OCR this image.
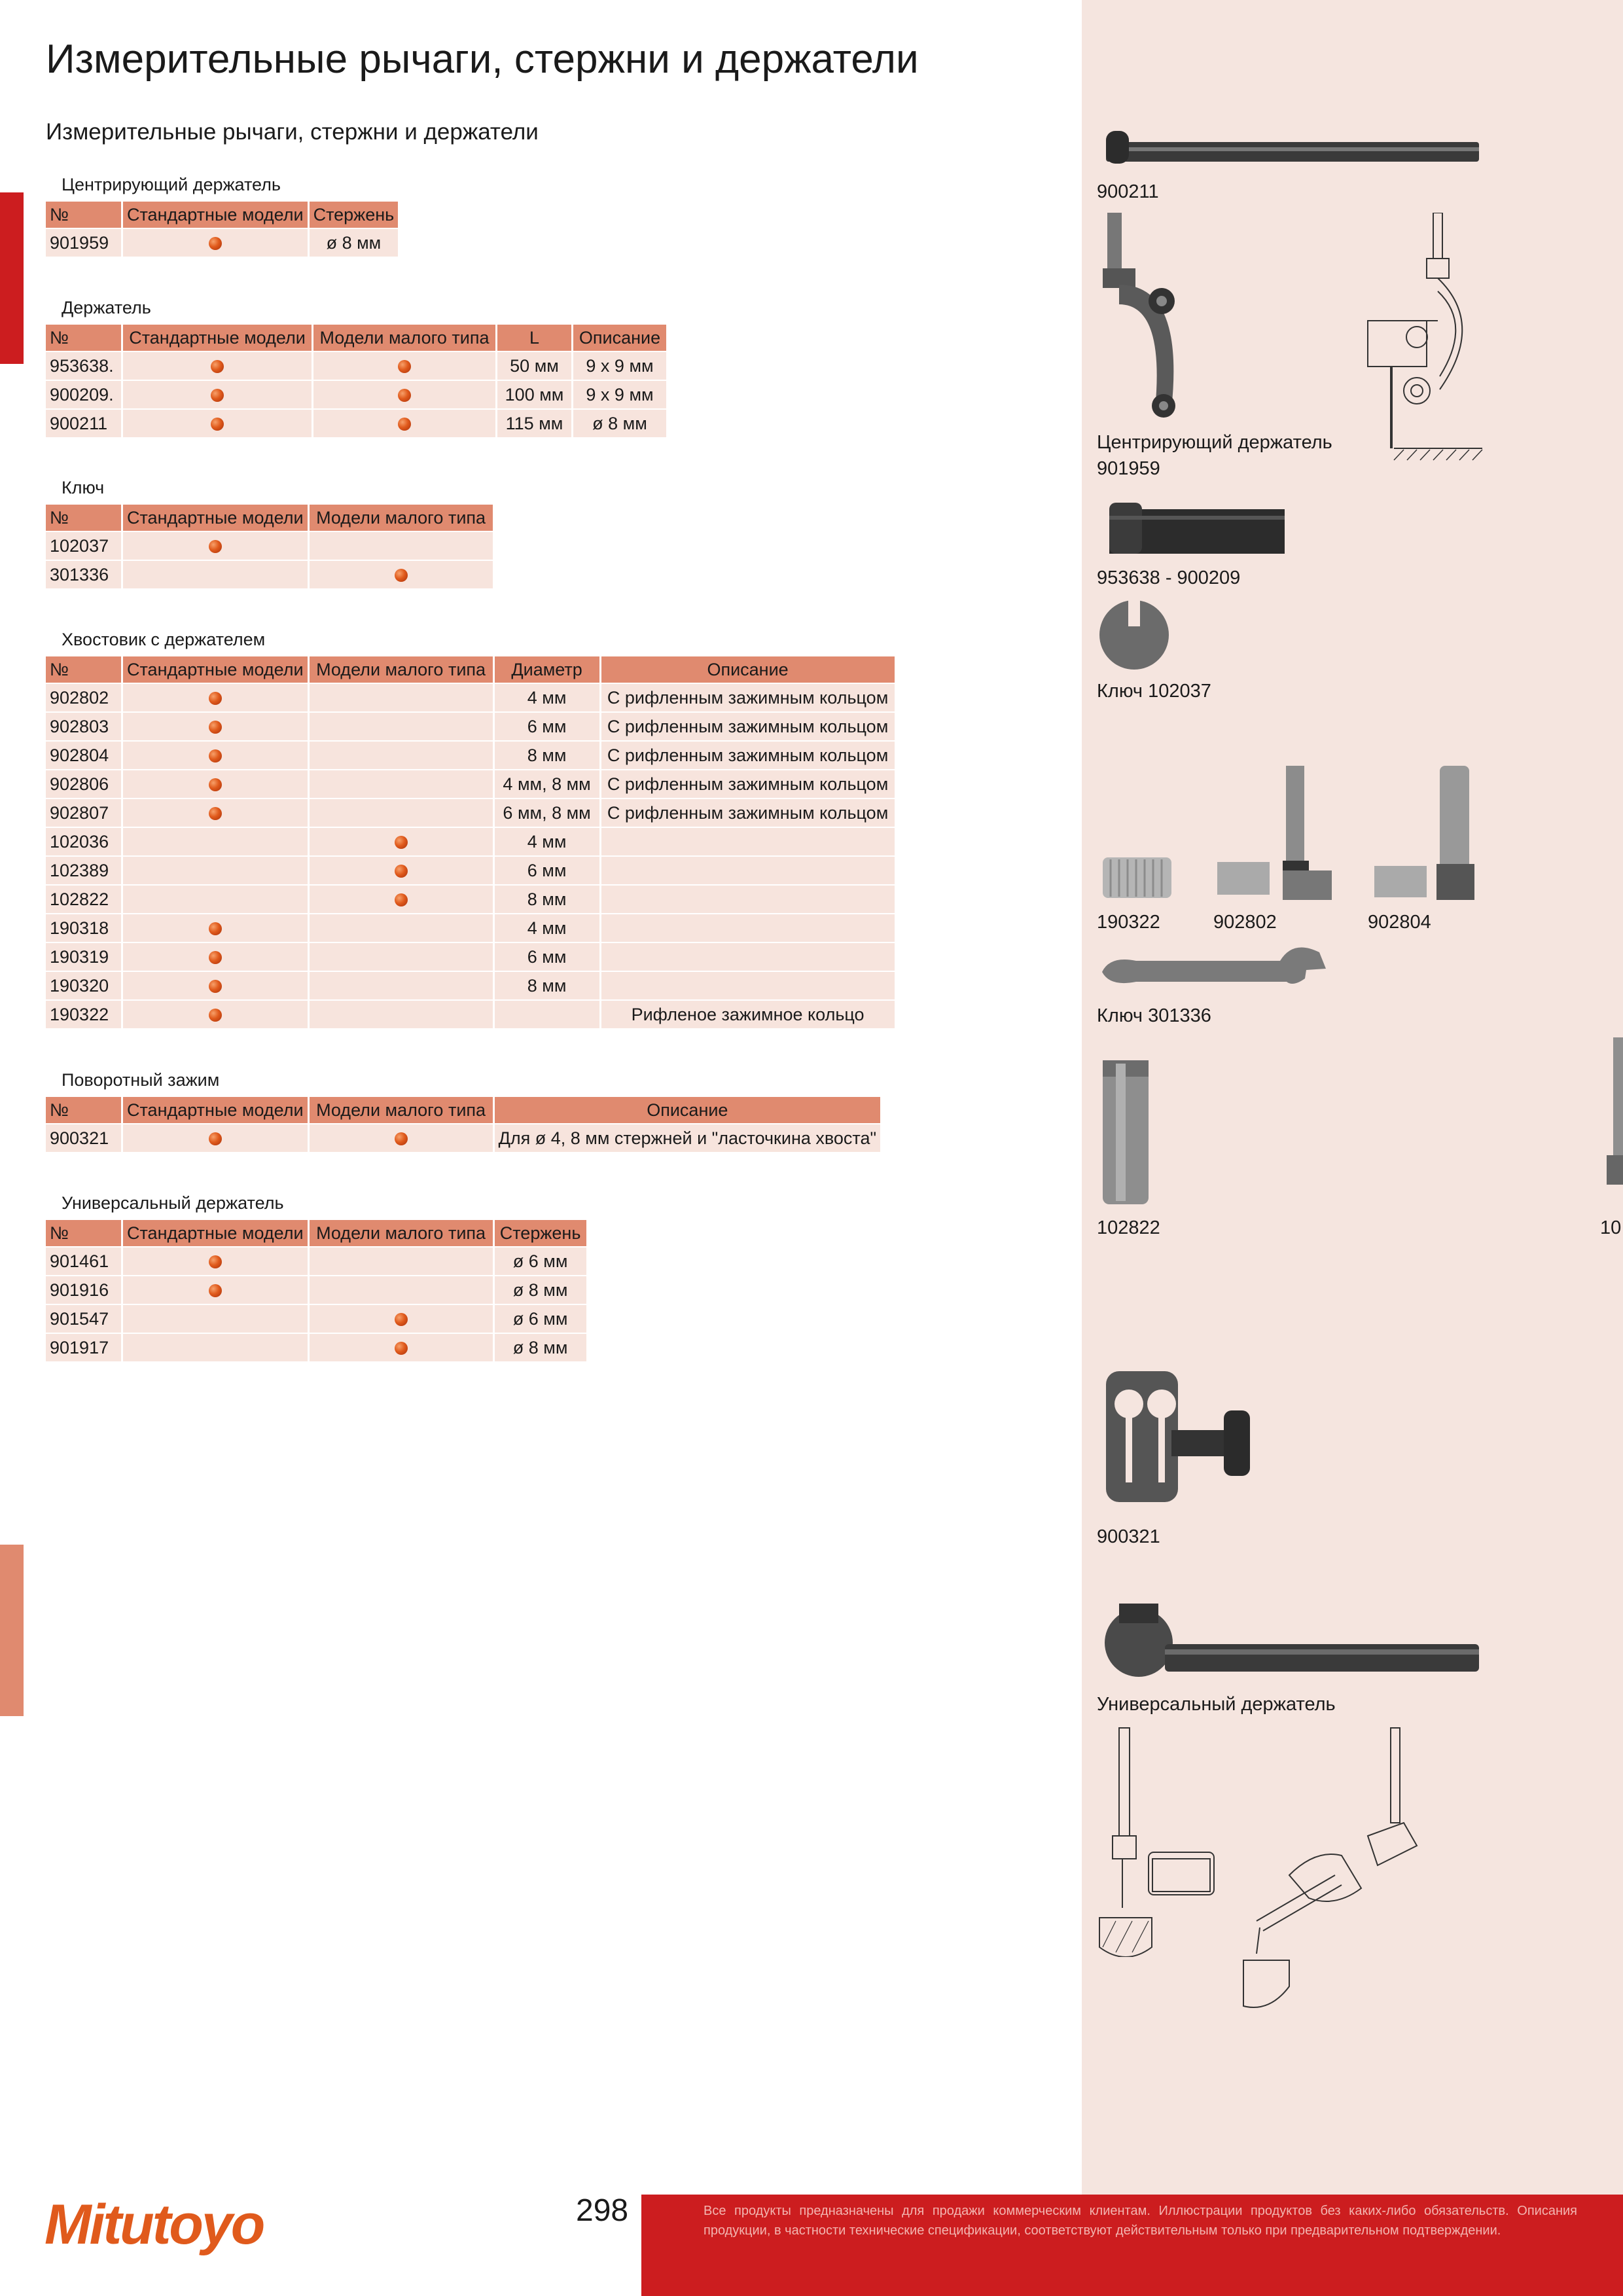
Измерительные рычаги, стержни и держатели
Измерительные рычаги, стержни и держатели
Центрирующий держатель
№	Стандартные модели	Стержень
901959		ø 8 мм
Держатель
№	Стандартные модели	Модели малого типа	L	Описание
953638.			50 мм	9 x 9 мм
900209.			100 мм	9 x 9 мм
900211			115 мм	ø 8 мм
Ключ
№	Стандартные модели	Модели малого типа
102037		
301336		
Хвостовик с держателем
№	Стандартные модели	Модели малого типа	Диаметр	Описание
902802			4 мм	С рифленным зажимным кольцом
902803			6 мм	С рифленным зажимным кольцом
902804			8 мм	С рифленным зажимным кольцом
902806			4 мм, 8 мм	С рифленным зажимным кольцом
902807			6 мм, 8 мм	С рифленным зажимным кольцом
102036			4 мм	
102389			6 мм	
102822			8 мм	
190318			4 мм	
190319			6 мм	
190320			8 мм	
190322				Рифленое зажимное кольцо
Поворотный зажим
№	Стандартные модели	Модели малого типа	Описание
900321			Для ø 4, 8 мм стержней и "ласточкина хвоста"
Универсальный держатель
№	Стандартные модели	Модели малого типа	Стержень
901461			ø 6 мм
901916			ø 8 мм
901547			ø 6 мм
901917			ø 8 мм
900211
Центрирующий держатель
901959
953638 - 900209
Ключ 102037
190322	902802	902804
Ключ 301336
102822	10
900321
Универсальный держатель
Mitutoyo	298	Все продукты предназначены для продажи коммерческим клиентам. Иллюстрации продуктов без каких-либо обязательств. Описания продукции, в частности технические спецификации, соответствуют действительным только при предварительном подтверждении.
